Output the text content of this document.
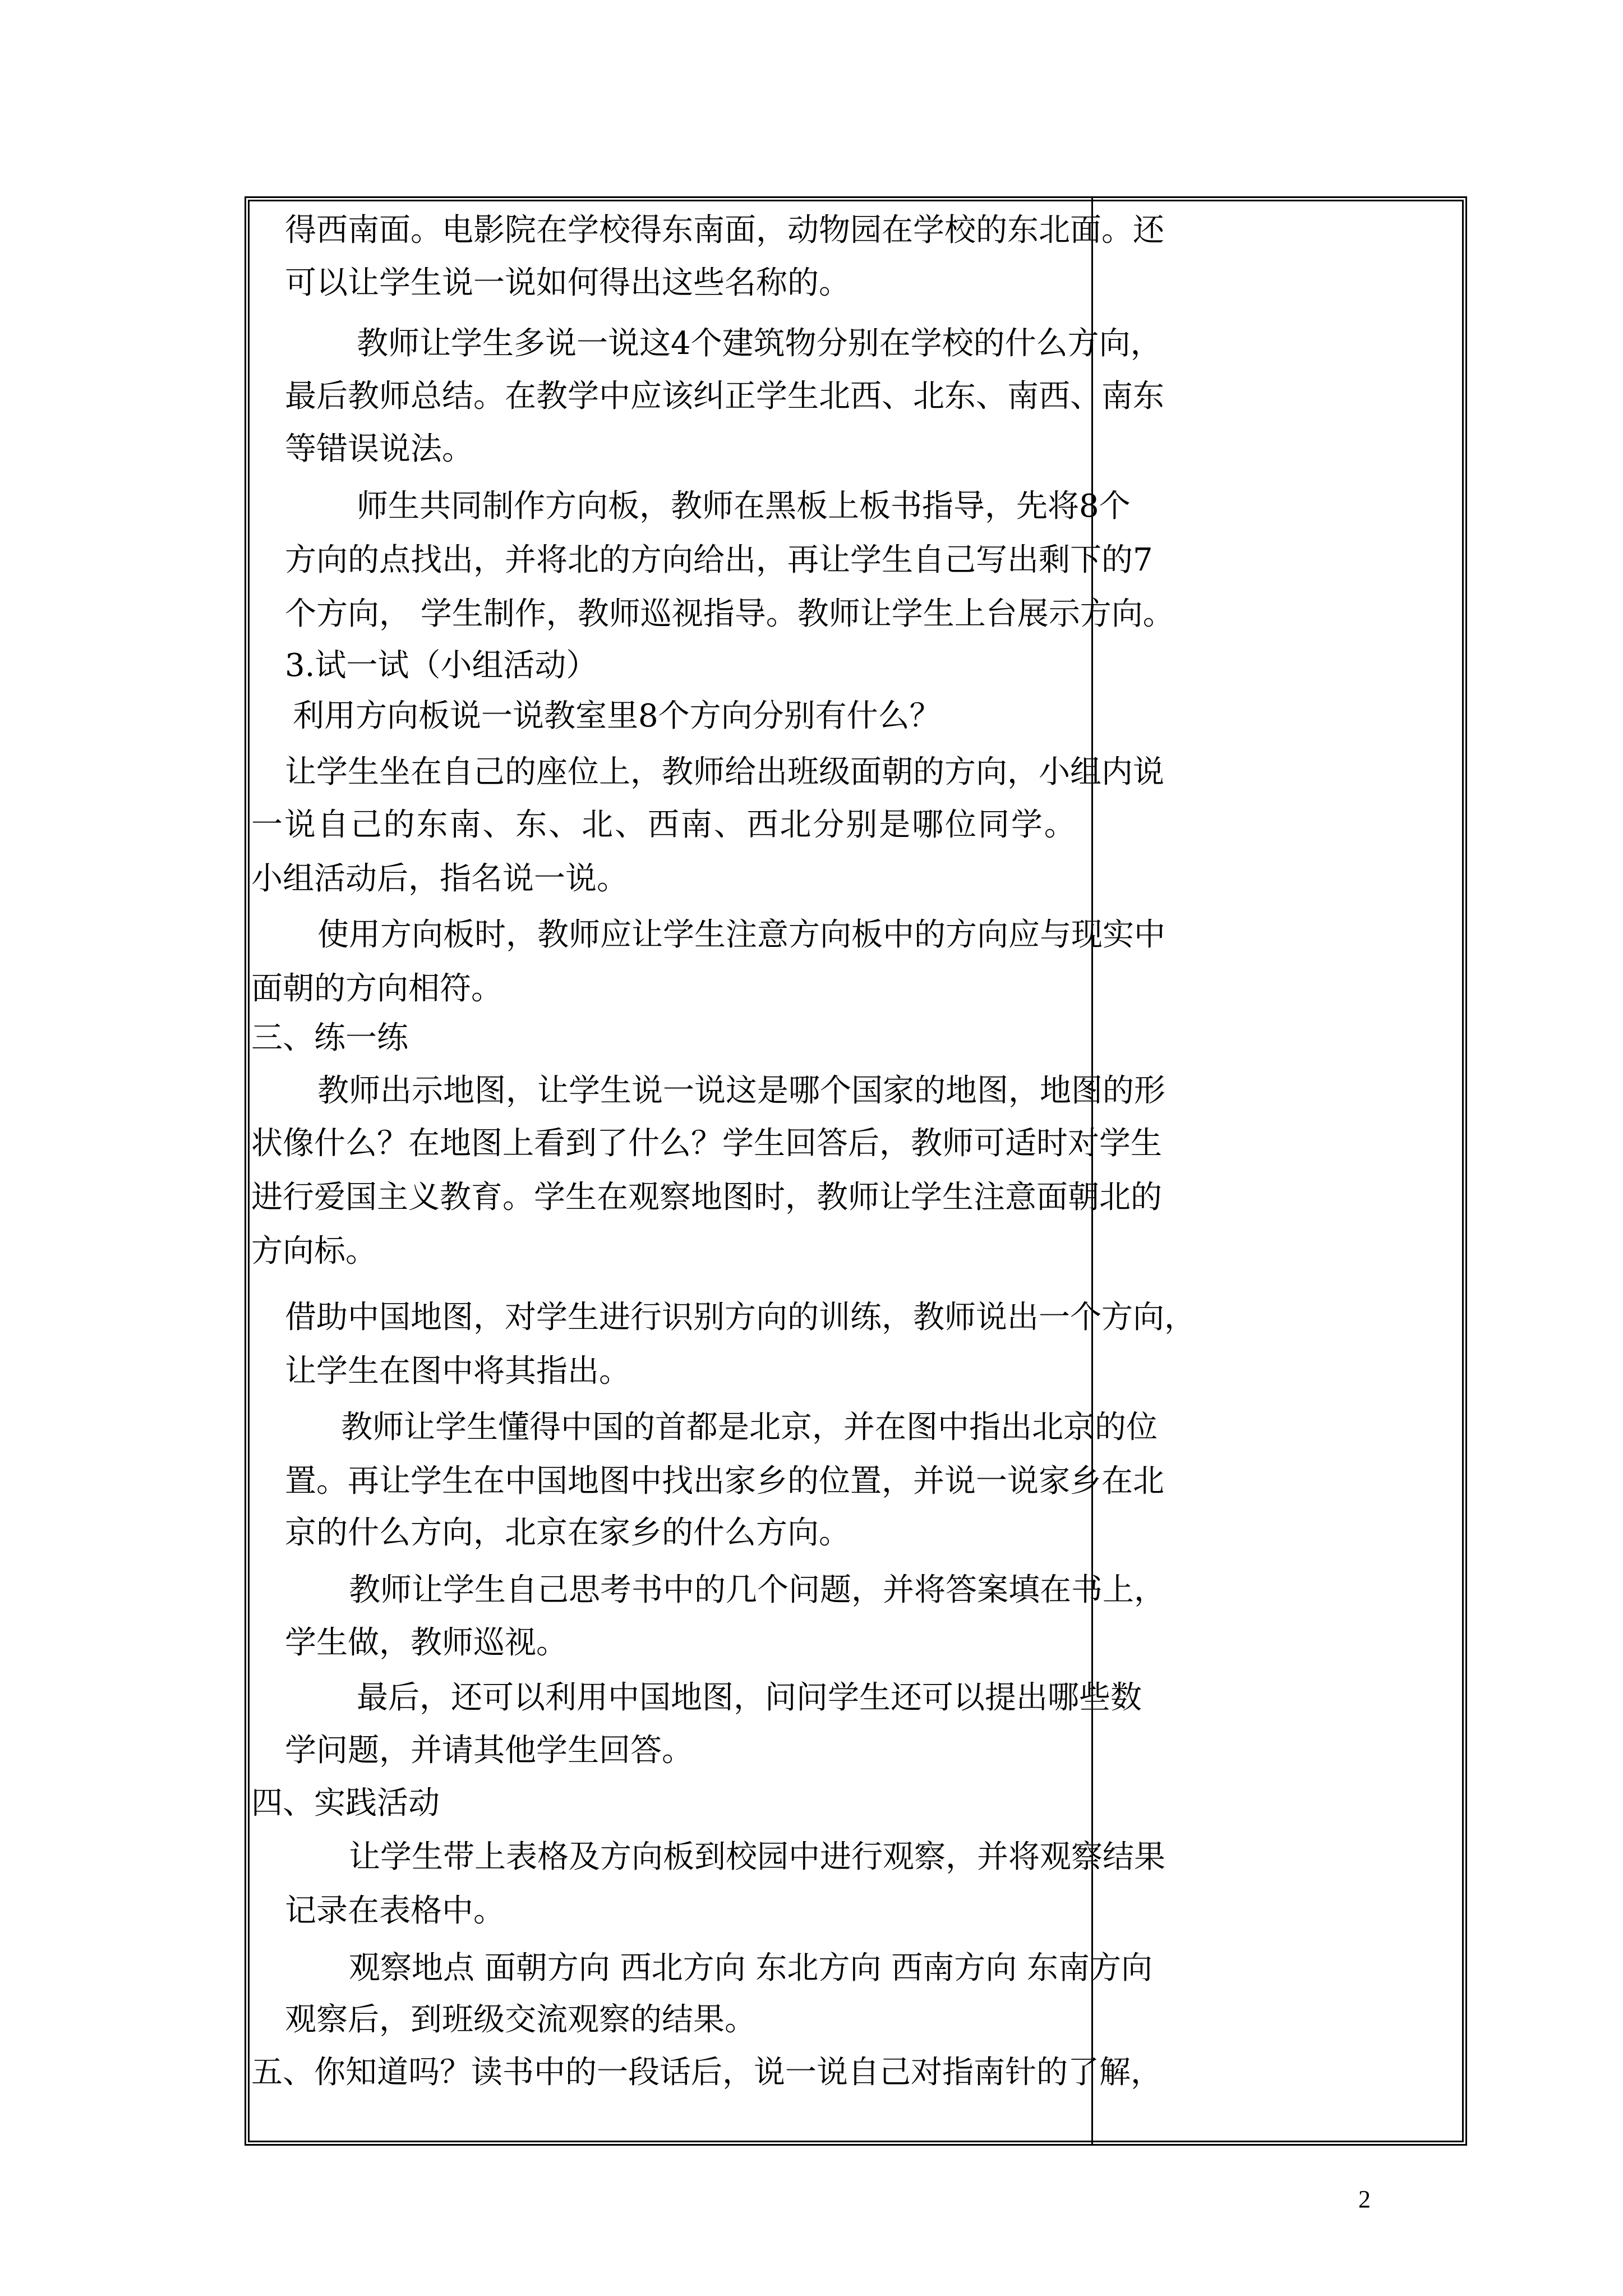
得西南面。电影院在学校得东南面，动物园在学校的东北面。还
可以让学生说一说如何得出这些名称的。
教师让学生多说一说这4个建筑物分别在学校的什么方向，
最后教师总结。在教学中应该纠正学生北西、北东、南西、南东
等错误说法。
师生共同制作方向板，教师在黑板上板书指导，先将8个
方向的点找出，并将北的方向给出，再让学生自己写出剩下的7
个方向， 学生制作，教师巡视指导。教师让学生上台展示方向。
3.试一试（小组活动）
利用方向板说一说教室里8个方向分别有什么？
让学生坐在自己的座位上，教师给出班级面朝的方向，小组内说
一 说 自 己 的 东 南 、 东 、 北 、 西 南 、 西 北 分 别 是 哪 位 同 学 。
小组活动后，指名说一说。
使用方向板时，教师应让学生注意方向板中的方向应与现实中
面朝的方向相符。
三、练一练
教师出示地图，让学生说一说这是哪个国家的地图，地图的形
状像什么？在地图上看到了什么？学生回答后，教师可适时对学生
进行爱国主义教育。学生在观察地图时，教师让学生注意面朝北的
方向标。
借助中国地图，对学生进行识别方向的训练，教师说出一个方向，
让学生在图中将其指出。
教师让学生懂得中国的首都是北京，并在图中指出北京的位
置。再让学生在中国地图中找出家乡的位置，并说一说家乡在北
京的什么方向，北京在家乡的什么方向。
教师让学生自己思考书中的几个问题，并将答案填在书上，
学生做，教师巡视。
最后，还可以利用中国地图，问问学生还可以提出哪些数
学问题，并请其他学生回答。
四、实践活动
让学生带上表格及方向板到校园中进行观察，并将观察结果
记录在表格中。
观察地点 面朝方向 西北方向 东北方向 西南方向 东南方向
观察后，到班级交流观察的结果。
五、你知道吗？读书中的一段话后，说一说自己对指南针的了解，
2
